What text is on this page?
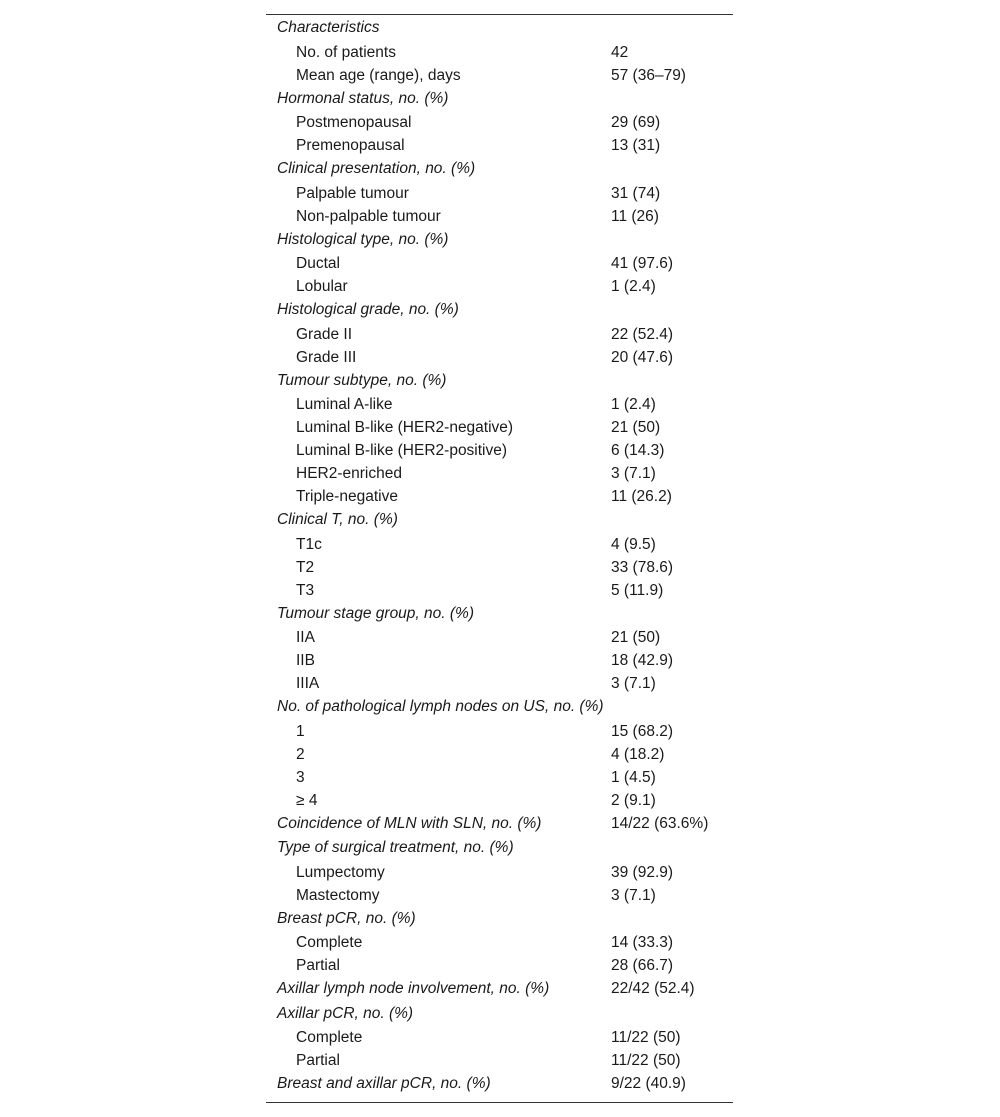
Characteristics	
No. of patients	42
Mean age (range), days	57 (36–79)
Hormonal status, no. (%)	
Postmenopausal	29 (69)
Premenopausal	13 (31)
Clinical presentation, no. (%)	
Palpable tumour	31 (74)
Non-palpable tumour	11 (26)
Histological type, no. (%)	
Ductal	41 (97.6)
Lobular	1 (2.4)
Histological grade, no. (%)	
Grade II	22 (52.4)
Grade III	20 (47.6)
Tumour subtype, no. (%)	
Luminal A-like	1 (2.4)
Luminal B-like (HER2-negative)	21 (50)
Luminal B-like (HER2-positive)	6 (14.3)
HER2-enriched	3 (7.1)
Triple-negative	11 (26.2)
Clinical T, no. (%)	
T1c	4 (9.5)
T2	33 (78.6)
T3	5 (11.9)
Tumour stage group, no. (%)	
IIA	21 (50)
IIB	18 (42.9)
IIIA	3 (7.1)
No. of pathological lymph nodes on US, no. (%)	
1	15 (68.2)
2	4 (18.2)
3	1 (4.5)
≥ 4	2 (9.1)
Coincidence of MLN with SLN, no. (%)	14/22 (63.6%)
Type of surgical treatment, no. (%)	
Lumpectomy	39 (92.9)
Mastectomy	3 (7.1)
Breast pCR, no. (%)	
Complete	14 (33.3)
Partial	28 (66.7)
Axillar lymph node involvement, no. (%)	22/42 (52.4)
Axillar pCR, no. (%)	
Complete	11/22 (50)
Partial	11/22 (50)
Breast and axillar pCR, no. (%)	9/22 (40.9)
